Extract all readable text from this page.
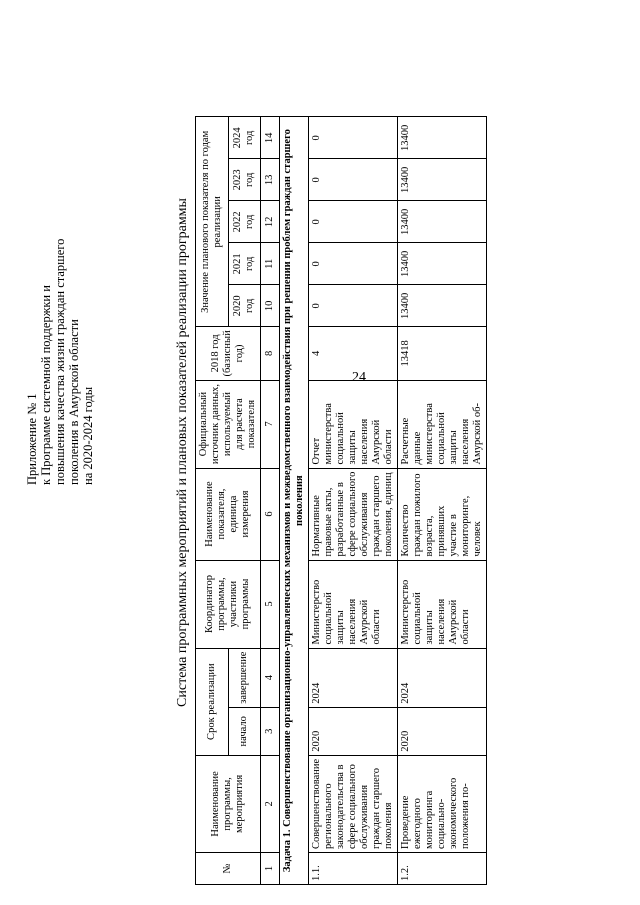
24
Приложение № 1 к Программе системной поддержки и повышения качества жизни граждан старшего поколения в Амурской области на 2020-2024 годы	Система программных мероприятий и плановых показателей реализации программы
№	Наименование программы, мероприятия	Срок реализации		Координатор программы, участники программы	Наименование показателя, единица измерения	Официальный источник данных, используемый для расчета показателя	2018 год (базисный год)	Значение планового показателя по годам реализации				
		начало	завершение					2020 год	2021 год	2022 год	2023 год	2024 год
1	2	3	4	5	6	7	8	10	11	12	13	14
Задача 1. Совершенствование организационно-управленческих механизмов и межведомственного взаимодействия при решении проблем граждан старшего поколения												
1.1.	Совершенствование регионального законодательства в сфере социального обслуживания граждан старшего поколения	2020	2024	Министерство социальной защиты населения Амурской области	Нормативные правовые акты, разработанные в сфере социального обслуживания граждан старшего поколения, единиц	Отчет министерства социальной защиты населения Амурской области	4	0	0	0	0	0
1.2.	Проведение ежегодного мониторинга социально-экономического положения по-	2020	2024	Министерство социальной защиты населения Амурской области	Количество граждан пожилого возраста, принявших участие в мониторинге, человек	Расчетные данные министерства социальной защиты населения Амурской об-	13418	13400	13400	13400	13400	13400
